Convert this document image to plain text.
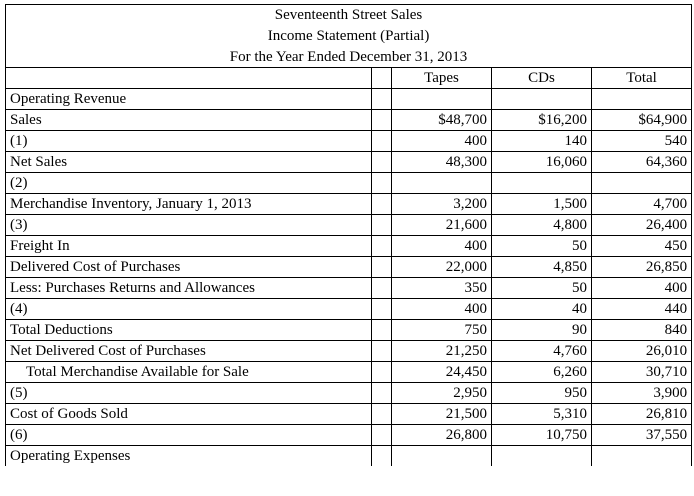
Seventeenth Street Sales				
Income Statement (Partial)				
For the Year Ended December 31, 2013				
		Tapes	CDs	Total
Operating Revenue				
Sales		$48,700	$16,200	$64,900
(1)		400	140	540
Net Sales		48,300	16,060	64,360
(2)				
Merchandise Inventory, January 1, 2013		3,200	1,500	4,700
(3)		21,600	4,800	26,400
Freight In		400	50	450
Delivered Cost of Purchases		22,000	4,850	26,850
Less: Purchases Returns and Allowances		350	50	400
(4)		400	40	440
Total Deductions		750	90	840
Net Delivered Cost of Purchases		21,250	4,760	26,010
Total Merchandise Available for Sale		24,450	6,260	30,710
(5)		2,950	950	3,900
Cost of Goods Sold		21,500	5,310	26,810
(6)		26,800	10,750	37,550
Operating Expenses				
